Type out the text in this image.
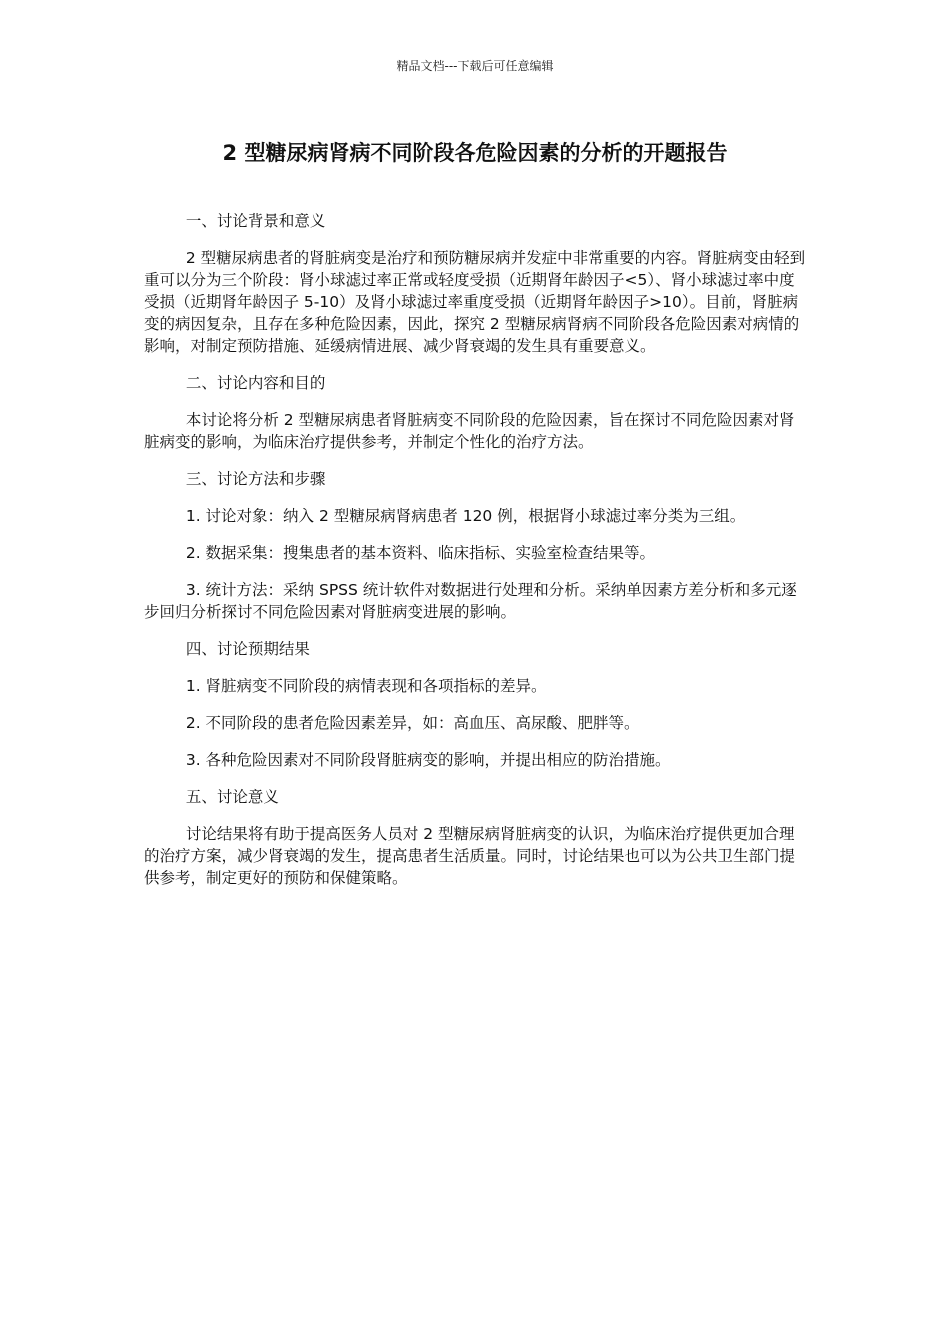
精品文档---下载后可任意编辑
2 型糖尿病肾病不同阶段各危险因素的分析的开题报告

一、讨论背景和意义

2 型糖尿病患者的肾脏病变是治疗和预防糖尿病并发症中非常重要的内容。肾脏病变由轻到重可以分为三个阶段：肾小球滤过率正常或轻度受损（近期肾年龄因子<5）、肾小球滤过率中度受损（近期肾年龄因子 5-10）及肾小球滤过率重度受损（近期肾年龄因子>10）。目前，肾脏病变的病因复杂，且存在多种危险因素，因此，探究 2 型糖尿病肾病不同阶段各危险因素对病情的影响，对制定预防措施、延缓病情进展、减少肾衰竭的发生具有重要意义。

二、讨论内容和目的

本讨论将分析 2 型糖尿病患者肾脏病变不同阶段的危险因素，旨在探讨不同危险因素对肾脏病变的影响，为临床治疗提供参考，并制定个性化的治疗方法。

三、讨论方法和步骤

1. 讨论对象：纳入 2 型糖尿病肾病患者 120 例，根据肾小球滤过率分类为三组。

2. 数据采集：搜集患者的基本资料、临床指标、实验室检查结果等。

3. 统计方法：采纳 SPSS 统计软件对数据进行处理和分析。采纳单因素方差分析和多元逐步回归分析探讨不同危险因素对肾脏病变进展的影响。

四、讨论预期结果

1. 肾脏病变不同阶段的病情表现和各项指标的差异。

2. 不同阶段的患者危险因素差异，如：高血压、高尿酸、肥胖等。

3. 各种危险因素对不同阶段肾脏病变的影响，并提出相应的防治措施。

五、讨论意义

讨论结果将有助于提高医务人员对 2 型糖尿病肾脏病变的认识，为临床治疗提供更加合理的治疗方案，减少肾衰竭的发生，提高患者生活质量。同时，讨论结果也可以为公共卫生部门提供参考，制定更好的预防和保健策略。
